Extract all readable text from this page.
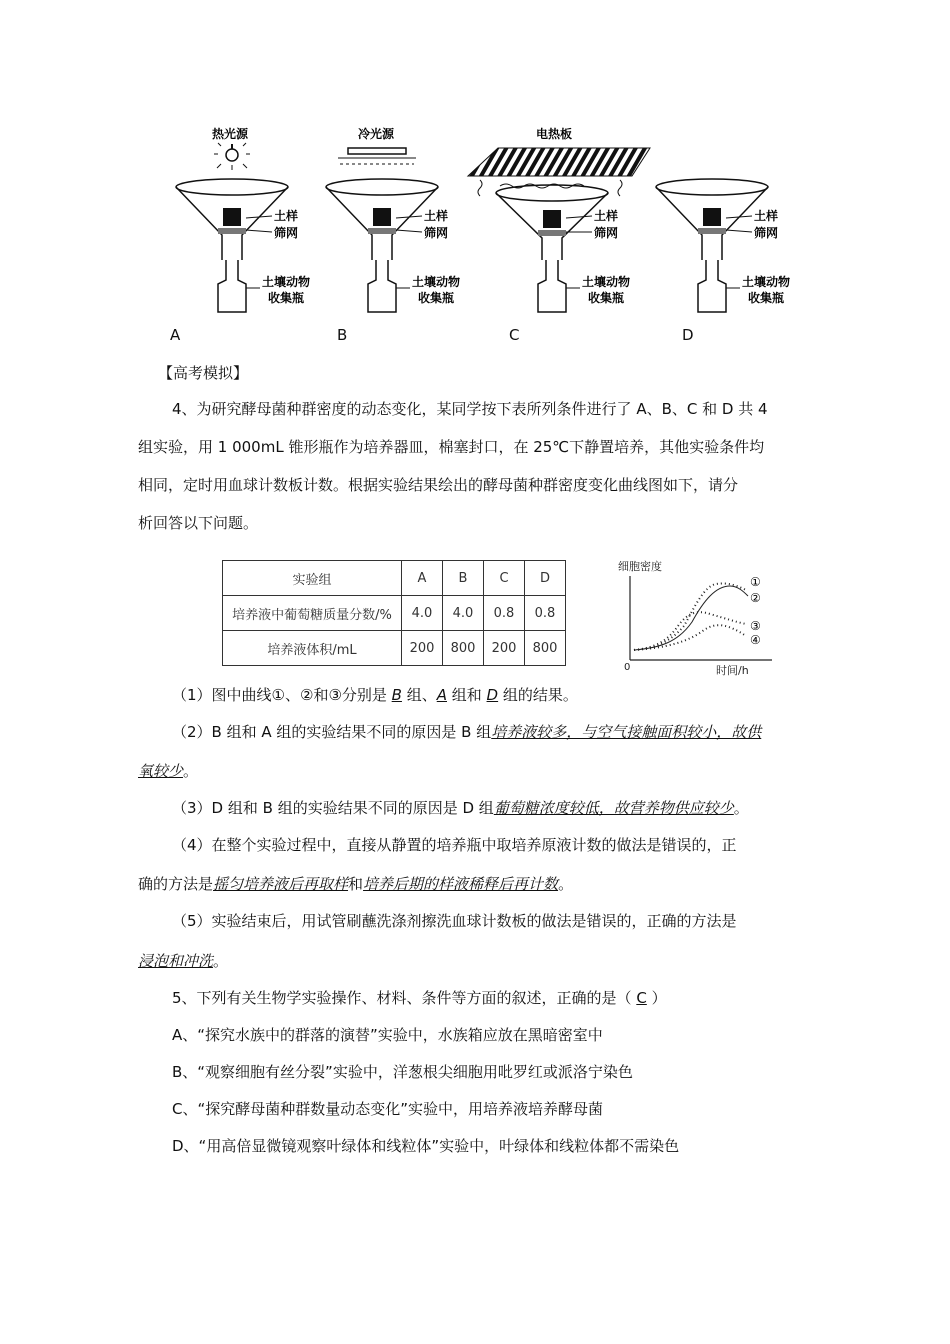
热光源
土样
筛网
土壤动物
收集瓶
冷光源
土样
筛网
土壤动物
收集瓶
电热板
土样
筛网
土壤动物
收集瓶
土样
筛网
土壤动物
收集瓶
A	B	C	D
【高考模拟】
4、为研究酵母菌种群密度的动态变化，某同学按下表所列条件进行了 A、B、C 和 D 共 4
组实验，用 1 000mL 锥形瓶作为培养器皿，棉塞封口，在 25℃下静置培养，其他实验条件均
相同，定时用血球计数板计数。根据实验结果绘出的酵母菌种群密度变化曲线图如下，请分
析回答以下问题。
实验组	A	B	C	D
培养液中葡萄糖质量分数/%	4.0	4.0	0.8	0.8
培养液体积/mL	200	800	200	800
细胞密度
0	时间/h
①
②
③
④
（1）图中曲线①、②和③分别是 B 组、A 组和 D 组的结果。
（2）B 组和 A 组的实验结果不同的原因是 B 组培养液较多，与空气接触面积较小，故供
氧较少。
（3）D 组和 B 组的实验结果不同的原因是 D 组葡萄糖浓度较低，故营养物供应较少。
（4）在整个实验过程中，直接从静置的培养瓶中取培养原液计数的做法是错误的，正
确的方法是摇匀培养液后再取样和培养后期的样液稀释后再计数。
（5）实验结束后，用试管刷蘸洗涤剂擦洗血球计数板的做法是错误的，正确的方法是
浸泡和冲洗。
5、下列有关生物学实验操作、材料、条件等方面的叙述，正确的是（ C ）
A、“探究水族中的群落的演替”实验中，水族箱应放在黑暗密室中
B、“观察细胞有丝分裂”实验中，洋葱根尖细胞用吡罗红或派洛宁染色
C、“探究酵母菌种群数量动态变化”实验中，用培养液培养酵母菌
D、“用高倍显微镜观察叶绿体和线粒体”实验中，叶绿体和线粒体都不需染色
